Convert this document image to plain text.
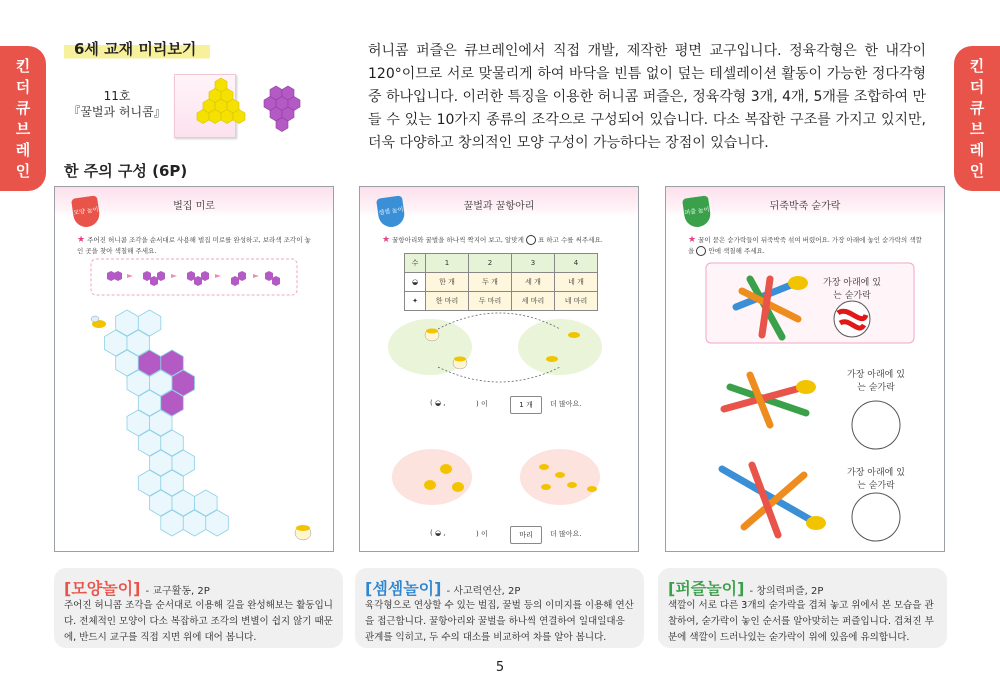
킨
더
큐
브
레
인
킨
더
큐
브
레
인
6세 교재 미리보기
11호
『꿀벌과 허니콤』
허니콤 퍼즐은 큐브레인에서 직접 개발, 제작한 평면 교구입니다. 정육각형은 한 내각이 120°이므로 서로 맞물리게 하여 바닥을 빈틈 없이 덮는 테셀레이션 활동이 가능한 정다각형 중 하나입니다. 이러한 특징을 이용한 허니콤 퍼즐은, 정육각형 3개, 4개, 5개를 조합하여 만들 수 있는 10가지 종류의 조각으로 구성되어 있습니다. 다소 복잡한 구조를 가지고 있지만, 더욱 다양하고 창의적인 모양 구성이 가능하다는 장점이 있습니다.
한 주의 구성 (6P)
벌집 미로
모양 놀이
★ 주어진 허니콤 조각을 순서대로 사용해 벌집 미로를 완성하고, 보라색 조각이 놓인 곳을 찾아 색칠해 주세요.
꿀벌과 꿀항아리
셈셈 놀이
★ 꿀항아리와 꿀벌을 하나씩 짝지어 보고, 알맞게 표 하고 수를 써주세요.
수	1	2	3	4
◒	한 개	두 개	세 개	네 개
✦	한 마리	두 마리	세 마리	네 마리
( ◒ ,	) 이	1 개	더 많아요.
( ◒ ,	) 이	마리	더 많아요.
뒤죽박죽 숟가락
퍼즐 놀이
★ 꿀이 묻은 숟가락들이 뒤죽박죽 섞여 버렸어요. 가장 아래에 놓인 숟가락의 색깔을 안에 색칠해 주세요.
가장 아래에 있는 숟가락
가장 아래에 있는 숟가락
가장 아래에 있는 숟가락
[모양놀이] - 교구활동, 2P
주어진 허니콤 조각을 순서대로 이용해 길을 완성해보는 활동입니다. 전체적인 모양이 다소 복잡하고 조각의 변별이 쉽지 않기 때문에, 반드시 교구를 직접 지면 위에 대어 봅니다.
[셈셈놀이] - 사고력연산, 2P
육각형으로 연상할 수 있는 벌집, 꿀벌 등의 이미지를 이용해 연산을 접근합니다. 꿀항아리와 꿀벌을 하나씩 연결하여 일대일대응 관계를 익히고, 두 수의 대소를 비교하여 차를 알아 봅니다.
[퍼즐놀이] - 창의력퍼즐, 2P
색깔이 서로 다른 3개의 숟가락을 겹쳐 놓고 위에서 본 모습을 관찰하여, 숟가락이 놓인 순서를 알아맞히는 퍼즐입니다. 겹쳐진 부분에 색깔이 드러나있는 숟가락이 위에 있음에 유의합니다.
5
